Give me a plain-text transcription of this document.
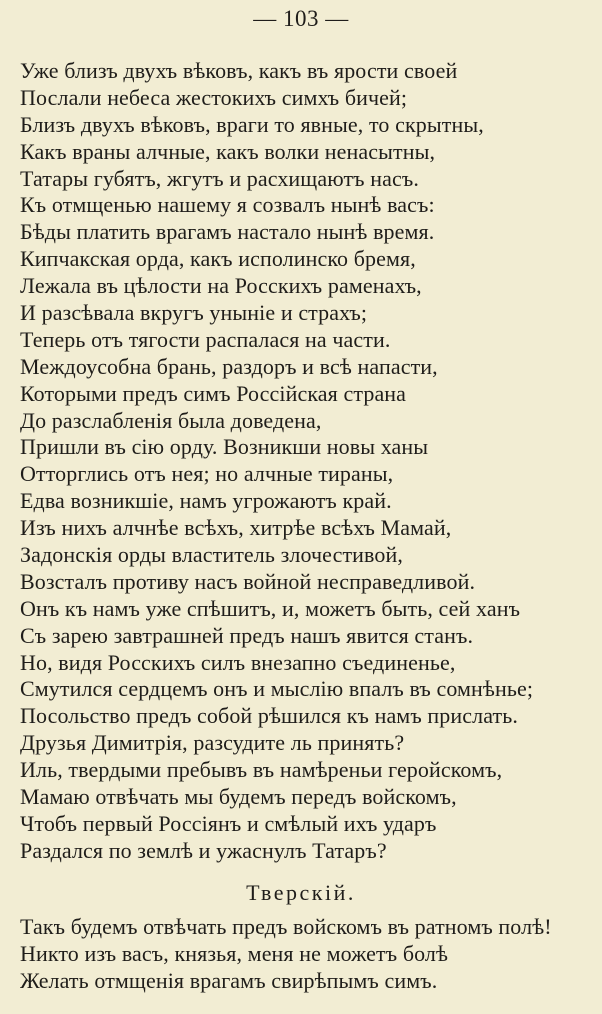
— 103 —
Уже близъ двухъ вѣковъ, какъ въ ярости своей
Послали небеса жестокихъ симхъ бичей;
Близъ двухъ вѣковъ, враги то явные, то скрытны,
Какъ враны алчные, какъ волки ненасытны,
Татары губятъ, жгутъ и расхищаютъ насъ.
Къ отмщенью нашему я созвалъ нынѣ васъ:
Бѣды платить врагамъ настало нынѣ время.
Кипчакская орда, какъ исполинско бремя,
Лежала въ цѣлости на Росскихъ раменахъ,
И разсѣвала вкругъ уныніе и страхъ;
Теперь отъ тягости распалася на части.
Междоусобна брань, раздоръ и всѣ напасти,
Которыми предъ симъ Россійская страна
До разслабленія была доведена,
Пришли въ сію орду. Возникши новы ханы
Отторглись отъ нея; но алчные тираны,
Едва возникшіе, намъ угрожаютъ край.
Изъ нихъ алчнѣе всѣхъ, хитрѣе всѣхъ Мамай,
Задонскія орды властитель злочестивой,
Возсталъ противу насъ войной несправедливой.
Онъ къ намъ уже спѣшитъ, и, можетъ быть, сей ханъ
Съ зарею завтрашней предъ нашъ явится станъ.
Но, видя Росскихъ силъ внезапно съединенье,
Смутился сердцемъ онъ и мыслію впалъ въ сомнѣнье;
Посольство предъ собой рѣшился къ намъ прислать.
Друзья Димитрія, разсудите ль принять?
Иль, твердыми пребывъ въ намѣреньи геройскомъ,
Мамаю отвѣчать мы будемъ передъ войскомъ,
Чтобъ первый Россіянъ и смѣлый ихъ ударъ
Раздался по землѣ и ужаснулъ Татаръ?
Тверскій.
Такъ будемъ отвѣчать предъ войскомъ въ ратномъ полѣ!
Никто изъ васъ, князья, меня не можетъ болѣ
Желать отмщенія врагамъ свирѣпымъ симъ.
